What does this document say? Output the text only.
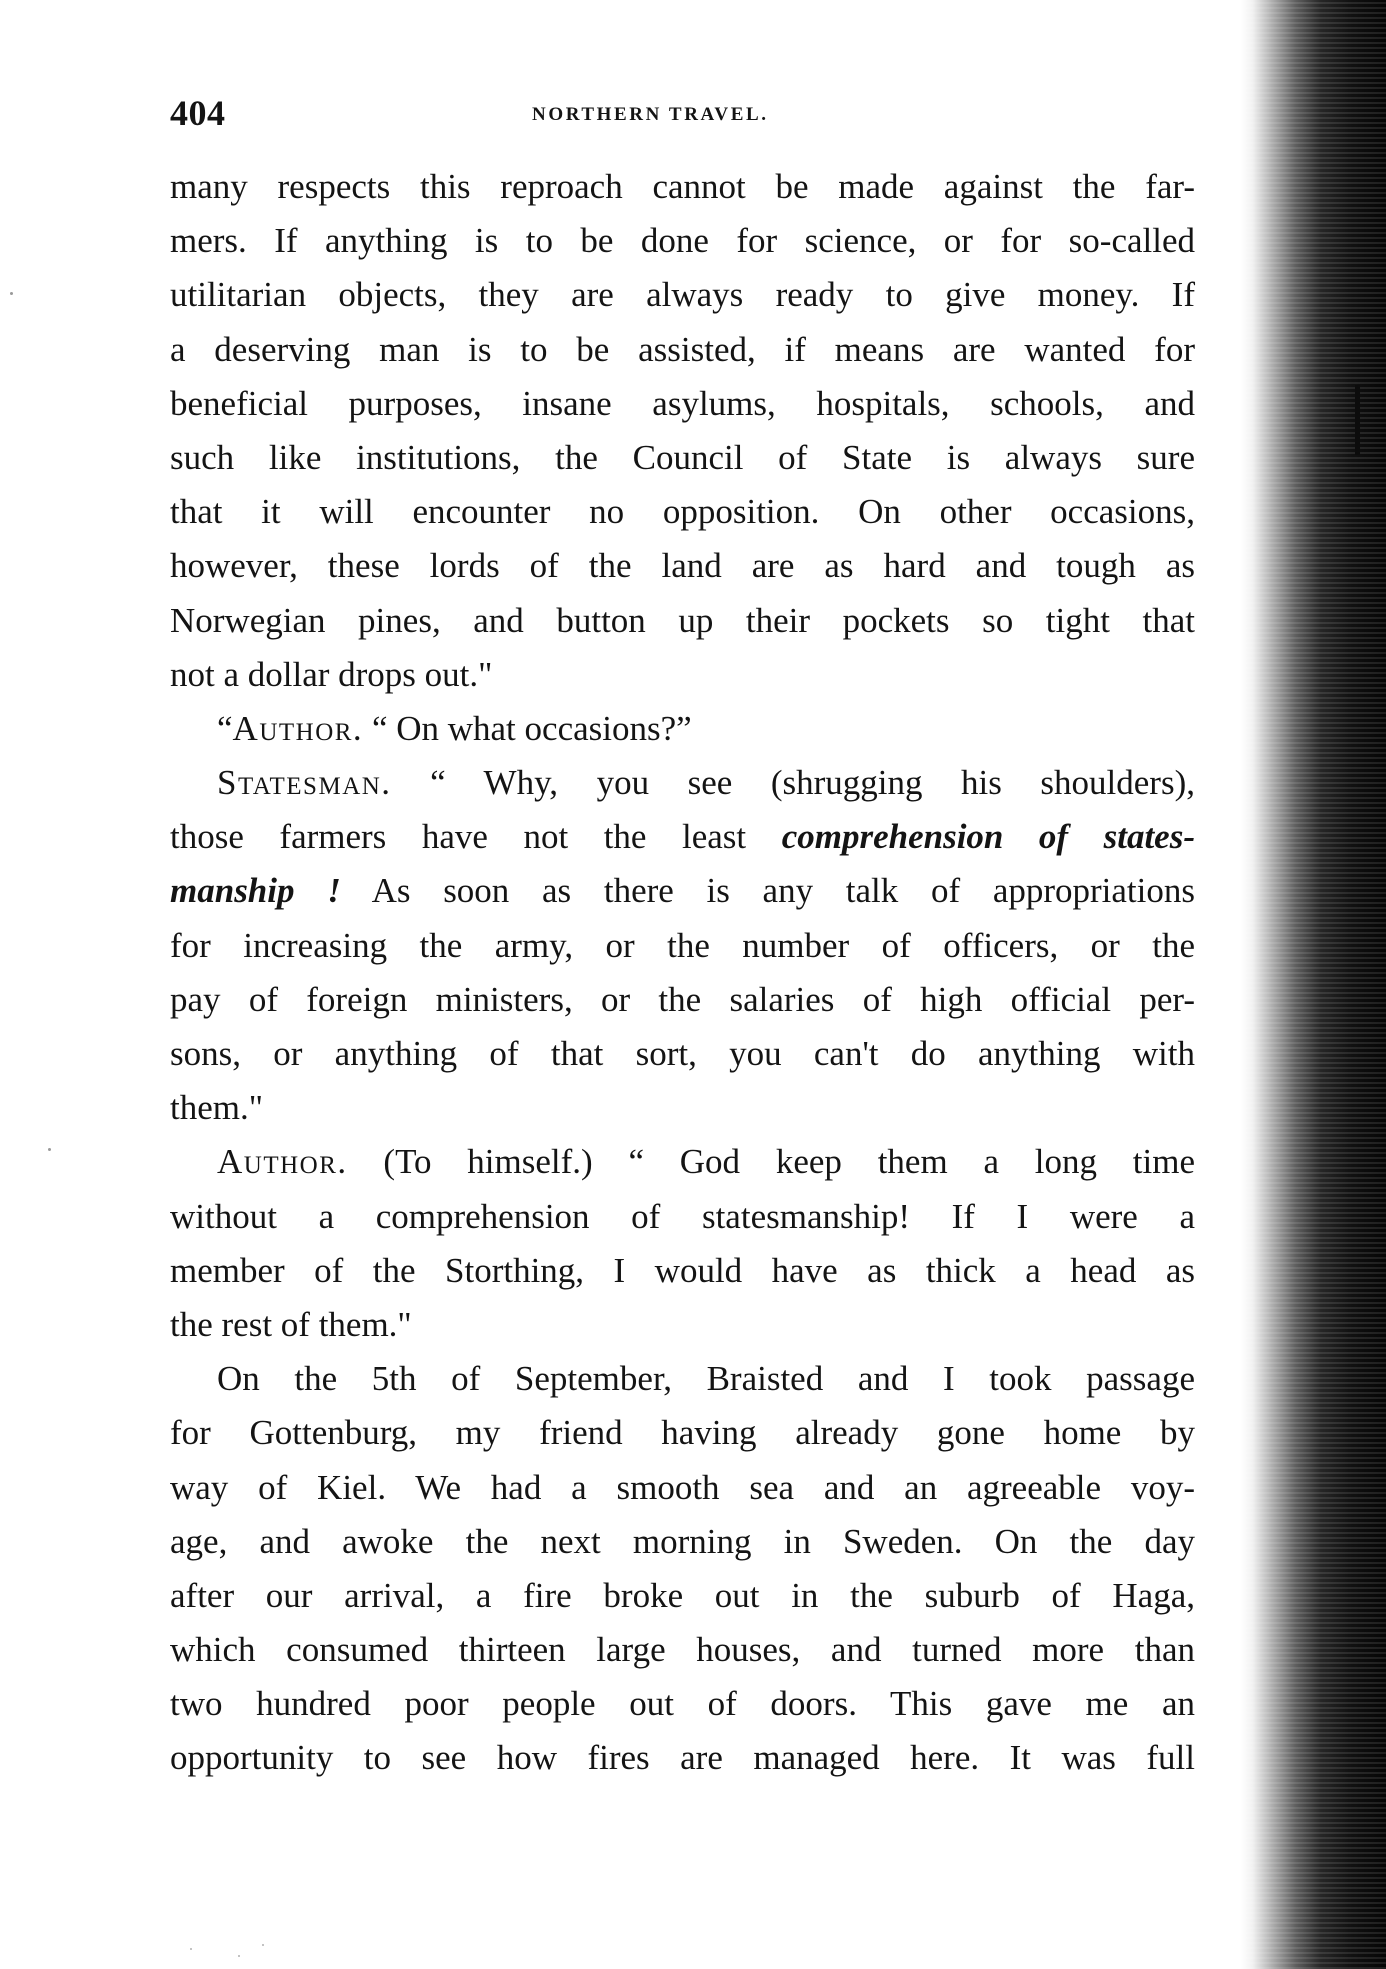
404	NORTHERN TRAVEL.
many respects this reproach cannot be made against the far-
mers. If anything is to be done for science, or for so-called
utilitarian objects, they are always ready to give money. If
a deserving man is to be assisted, if means are wanted for
beneficial purposes, insane asylums, hospitals, schools, and
such like institutions, the Council of State is always sure
that it will encounter no opposition. On other occasions,
however, these lords of the land are as hard and tough as
Norwegian pines, and button up their pockets so tight that
not a dollar drops out."
“Author. “ On what occasions?”
Statesman. “ Why, you see (shrugging his shoulders),
those farmers have not the least comprehension of states-
manship ! As soon as there is any talk of appropriations
for increasing the army, or the number of officers, or the
pay of foreign ministers, or the salaries of high official per-
sons, or anything of that sort, you can't do anything with
them."
Author. (To himself.) “ God keep them a long time
without a comprehension of statesmanship! If I were a
member of the Storthing, I would have as thick a head as
the rest of them."
On the 5th of September, Braisted and I took passage
for Gottenburg, my friend having already gone home by
way of Kiel. We had a smooth sea and an agreeable voy-
age, and awoke the next morning in Sweden. On the day
after our arrival, a fire broke out in the suburb of Haga,
which consumed thirteen large houses, and turned more than
two hundred poor people out of doors. This gave me an
opportunity to see how fires are managed here. It was full
